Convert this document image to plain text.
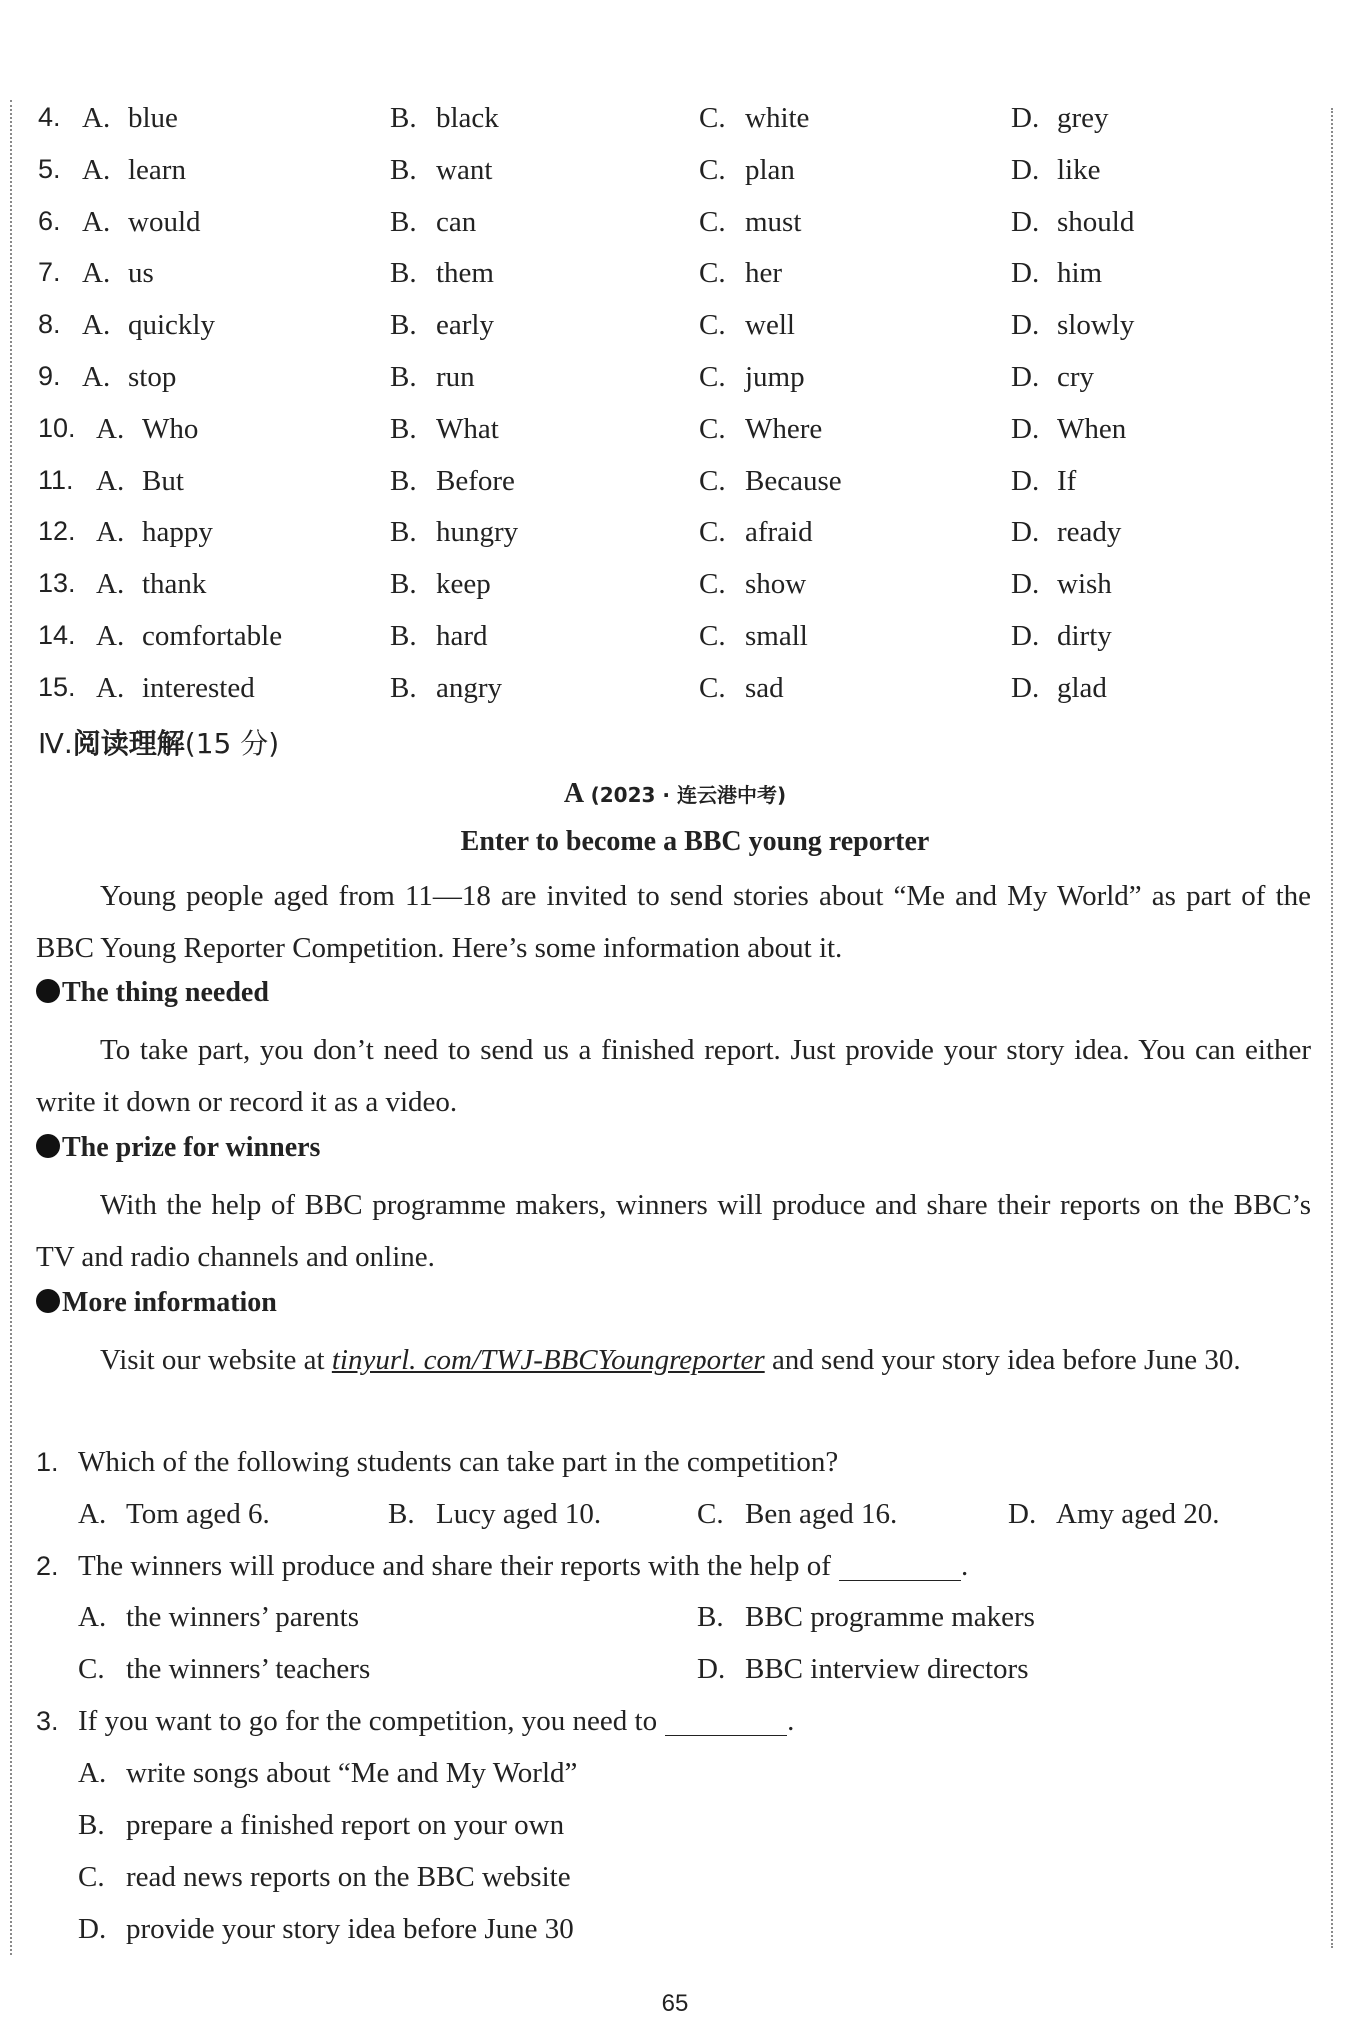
4. A. blue	B. black	C. white	D. grey
5. A. learn	B. want	C. plan	D. like
6. A. would	B. can	C. must	D. should
7. A. us	B. them	C. her	D. him
8. A. quickly	B. early	C. well	D. slowly
9. A. stop	B. run	C. jump	D. cry
10. A. Who	B. What	C. Where	D. When
11. A. But	B. Before	C. Because	D. If
12. A. happy	B. hungry	C. afraid	D. ready
13. A. thank	B. keep	C. show	D. wish
14. A. comfortable	B. hard	C. small	D. dirty
15. A. interested	B. angry	C. sad	D. glad
Ⅳ.阅读理解(15 分)
A (2023 · 连云港中考)
Enter to become a BBC young reporter
Young people aged from 11—18 are invited to send stories about “Me and My World” as part of the BBC Young Reporter Competition. Here’s some information about it.
The thing needed
To take part, you don’t need to send us a finished report. Just provide your story idea. You can either write it down or record it as a video.
The prize for winners
With the help of BBC programme makers, winners will produce and share their reports on the BBC’s TV and radio channels and online.
More information
Visit our website at tinyurl. com/TWJ-BBCYoungreporter and send your story idea before June 30.
1. Which of the following students can take part in the competition?
A. Tom aged 6.	B. Lucy aged 10.	C. Ben aged 16.	D. Amy aged 20.
2. The winners will produce and share their reports with the help of	.
A. the winners’ parents	B. BBC programme makers
C. the winners’ teachers	D. BBC interview directors
3. If you want to go for the competition, you need to	.
A. write songs about “Me and My World”
B. prepare a finished report on your own
C. read news reports on the BBC website
D. provide your story idea before June 30
65
